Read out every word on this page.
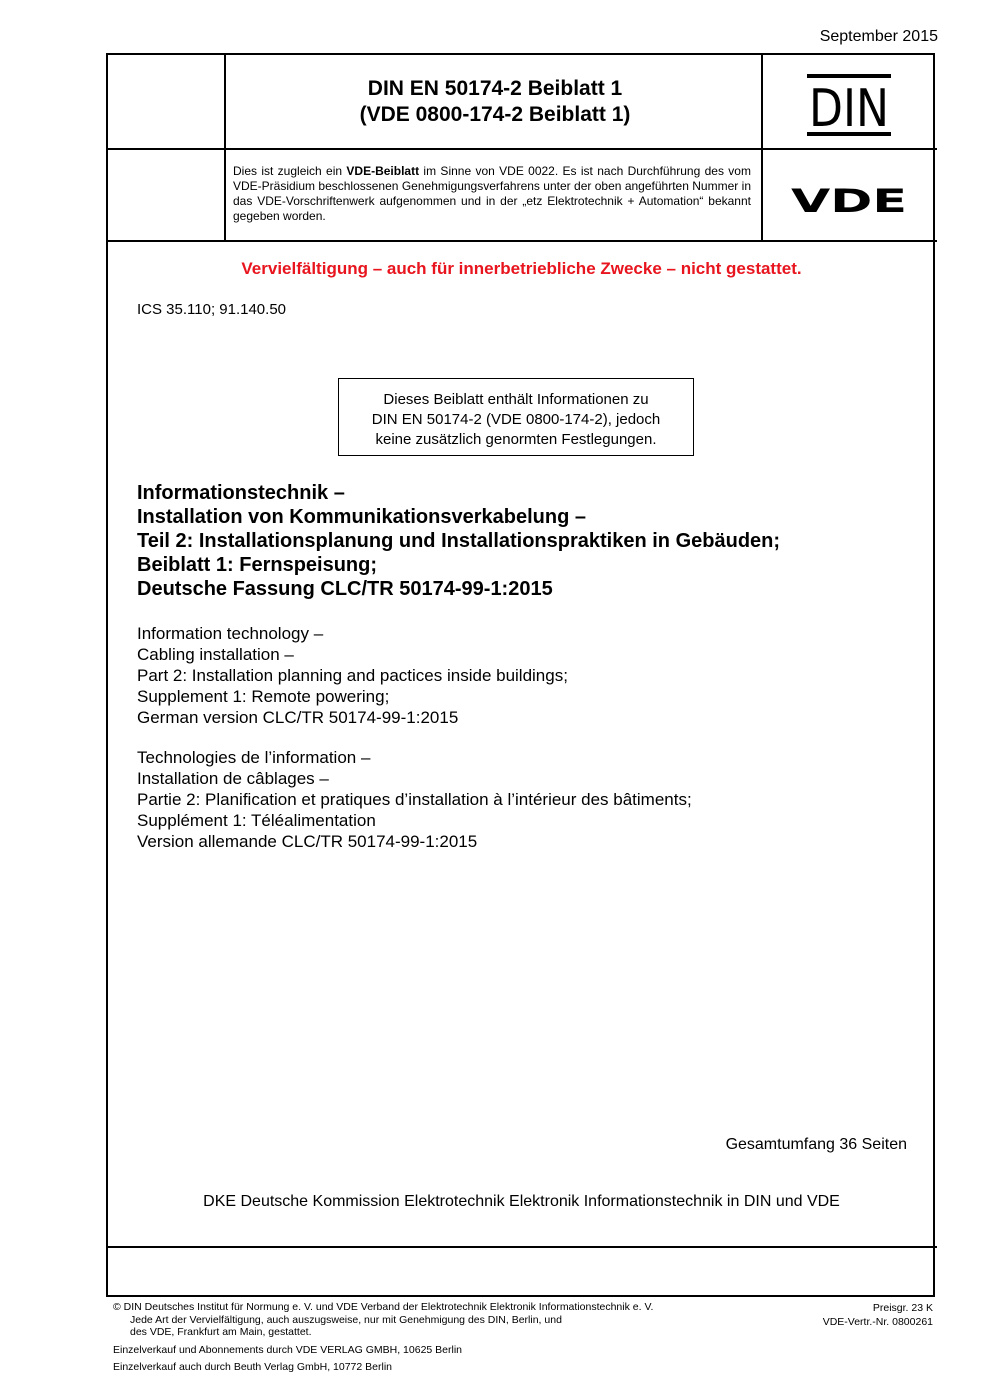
September 2015
DIN EN 50174-2 Beiblatt 1
(VDE 0800-174-2 Beiblatt 1)	DIN
Dies ist zugleich ein VDE-Beiblatt im Sinne von VDE 0022. Es ist nach Durchführung des vom VDE-Präsidium beschlossenen Genehmigungsverfahrens unter der oben angeführten Nummer in das VDE-Vorschriftenwerk aufgenommen und in der „etz Elektrotechnik + Automation“ bekannt gegeben worden.	VDE
Vervielfältigung – auch für innerbetriebliche Zwecke – nicht gestattet.
ICS 35.110; 91.140.50
Dieses Beiblatt enthält Informationen zu
DIN EN 50174-2 (VDE 0800-174-2), jedoch
keine zusätzlich genormten Festlegungen.
Informationstechnik –
Installation von Kommunikationsverkabelung –
Teil 2: Installationsplanung und Installationspraktiken in Gebäuden;
Beiblatt 1: Fernspeisung;
Deutsche Fassung CLC/TR 50174-99-1:2015
Information technology –
Cabling installation –
Part 2: Installation planning and pactices inside buildings;
Supplement 1: Remote powering;
German version CLC/TR 50174-99-1:2015
Technologies de l’information –
Installation de câblages –
Partie 2: Planification et pratiques d’installation à l’intérieur des bâtiments;
Supplément 1: Téléalimentation
Version allemande CLC/TR 50174-99-1:2015
Gesamtumfang 36 Seiten
DKE Deutsche Kommission Elektrotechnik Elektronik Informationstechnik in DIN und VDE
© DIN Deutsches Institut für Normung e. V. und VDE Verband der Elektrotechnik Elektronik Informationstechnik e. V.
Jede Art der Vervielfältigung, auch auszugsweise, nur mit Genehmigung des DIN, Berlin, und
des VDE, Frankfurt am Main, gestattet.
Preisgr. 23 K
VDE-Vertr.-Nr. 0800261
Einzelverkauf und Abonnements durch VDE VERLAG GMBH, 10625 Berlin
Einzelverkauf auch durch Beuth Verlag GmbH, 10772 Berlin
